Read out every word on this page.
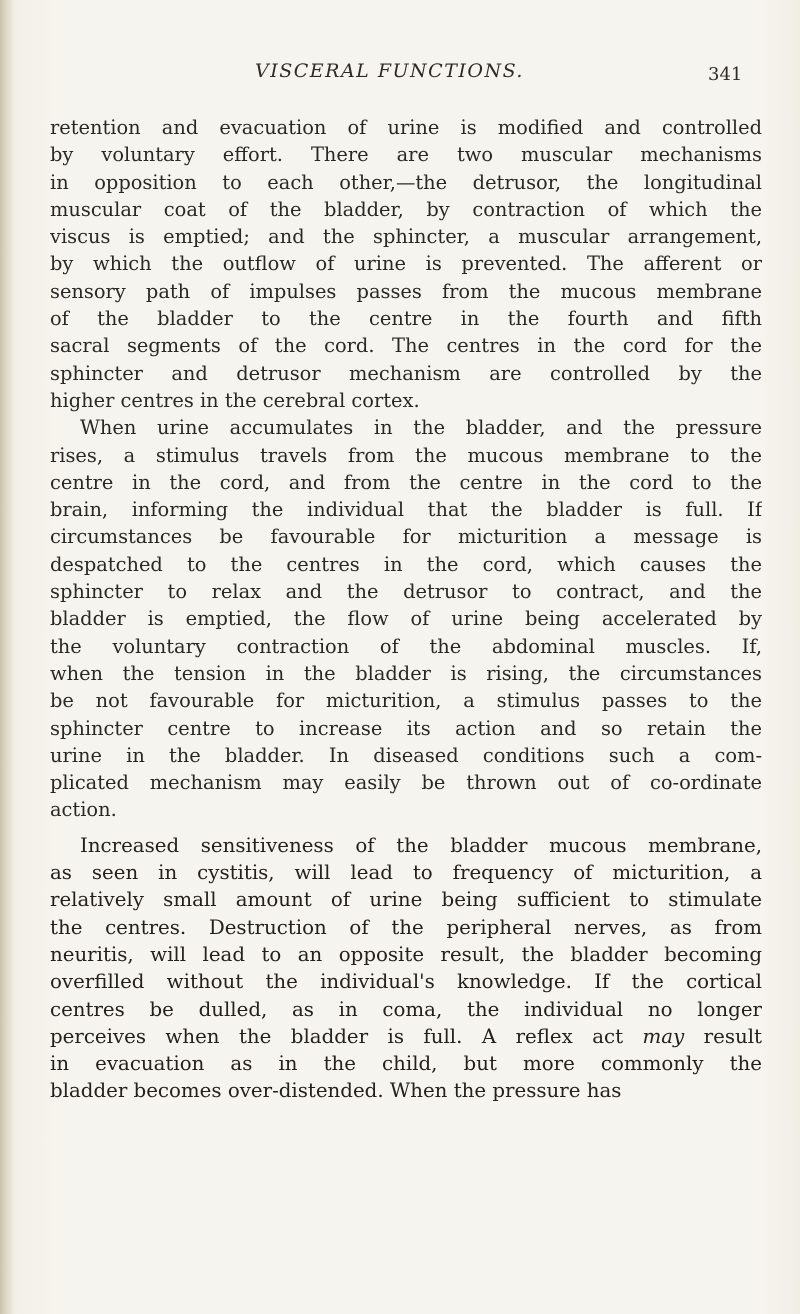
VISCERAL FUNCTIONS.	341
retention and evacuation of urine is modified and controlled
by voluntary effort. There are two muscular mechanisms
in opposition to each other,—the detrusor, the longitudinal
muscular coat of the bladder, by contraction of which the
viscus is emptied; and the sphincter, a muscular arrangement,
by which the outflow of urine is prevented. The afferent or
sensory path of impulses passes from the mucous membrane
of the bladder to the centre in the fourth and fifth
sacral segments of the cord. The centres in the cord for the
sphincter and detrusor mechanism are controlled by the
higher centres in the cerebral cortex.
When urine accumulates in the bladder, and the pressure
rises, a stimulus travels from the mucous membrane to the
centre in the cord, and from the centre in the cord to the
brain, informing the individual that the bladder is full. If
circumstances be favourable for micturition a message is
despatched to the centres in the cord, which causes the
sphincter to relax and the detrusor to contract, and the
bladder is emptied, the flow of urine being accelerated by
the voluntary contraction of the abdominal muscles. If,
when the tension in the bladder is rising, the circumstances
be not favourable for micturition, a stimulus passes to the
sphincter centre to increase its action and so retain the
urine in the bladder. In diseased conditions such a com-
plicated mechanism may easily be thrown out of co-ordinate
action.
Increased sensitiveness of the bladder mucous membrane,
as seen in cystitis, will lead to frequency of micturition, a
relatively small amount of urine being sufficient to stimulate
the centres. Destruction of the peripheral nerves, as from
neuritis, will lead to an opposite result, the bladder becoming
overfilled without the individual's knowledge. If the cortical
centres be dulled, as in coma, the individual no longer
perceives when the bladder is full. A reflex act may result
in evacuation as in the child, but more commonly the
bladder becomes over-distended. When the pressure has
